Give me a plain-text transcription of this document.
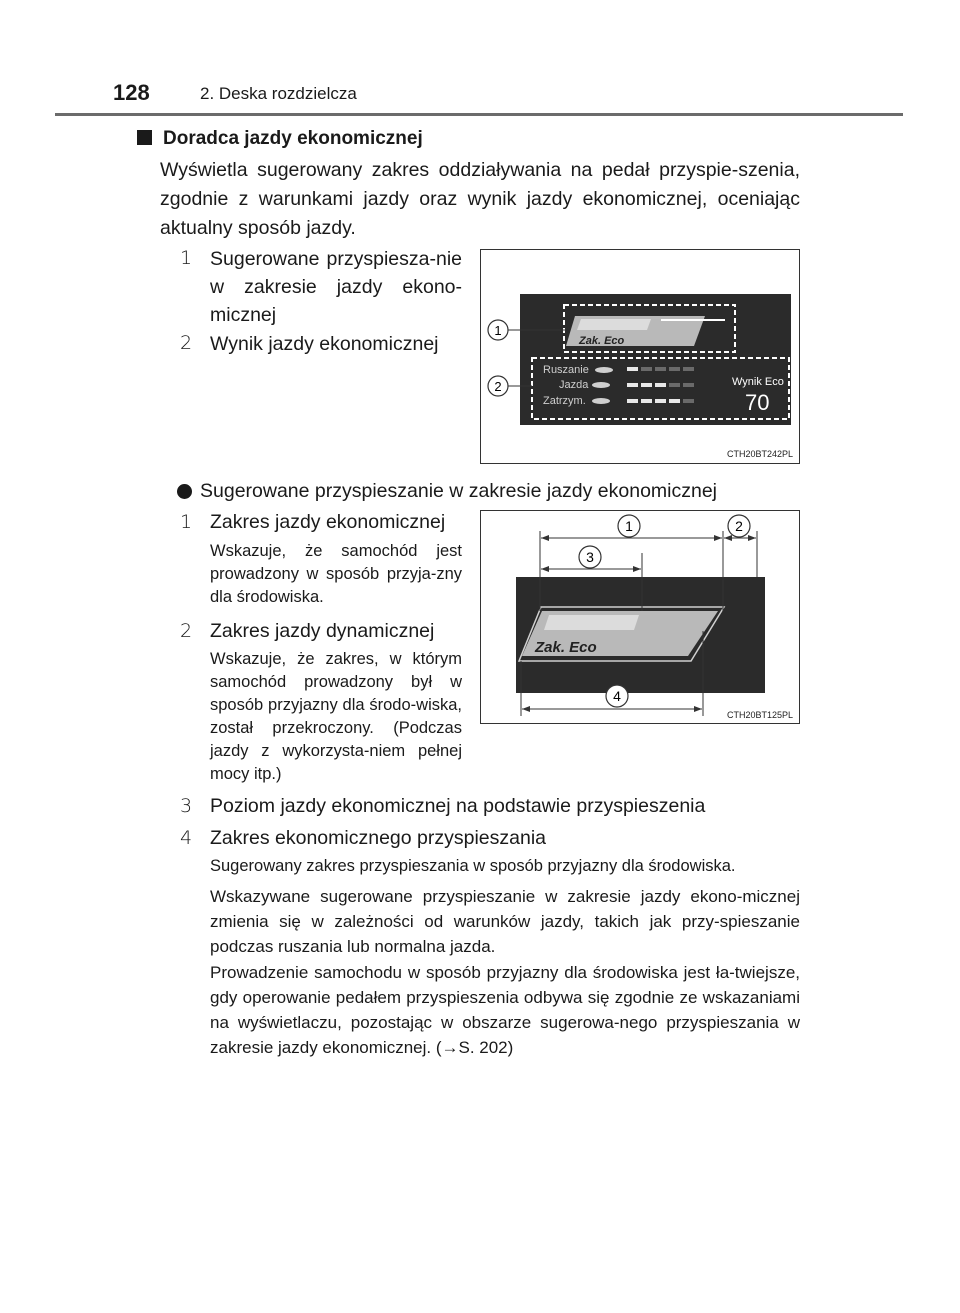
128	2. Deska rozdzielcza
Doradca jazdy ekonomicznej
Wyświetla sugerowany zakres oddziaływania na pedał przyspie-szenia, zgodnie z warunkami jazdy oraz wynik jazdy ekonomicznej, oceniając aktualny sposób jazdy.
1 Sugerowane przyspiesza-nie w zakresie jazdy ekono-micznej
2 Wynik jazdy ekonomicznej	Zak. Eco
Ruszanie
Jazda
Zatrzym.
Wynik Eco
70
1
2
CTH20BT242PL
Sugerowane przyspieszanie w zakresie jazdy ekonomicznej
1 Zakres jazdy ekonomicznej
Wskazuje, że samochód jest prowadzony w sposób przyja-zny dla środowiska.
2 Zakres jazdy dynamicznej
Wskazuje, że zakres, w którym samochód prowadzony był w sposób przyjazny dla środo-wiska, został przekroczony. (Podczas jazdy z wykorzysta-niem pełnej mocy itp.)
Zak. Eco
1	2
3
4
CTH20BT125PL
3 Poziom jazdy ekonomicznej na podstawie przyspieszenia
4 Zakres ekonomicznego przyspieszania
Sugerowany zakres przyspieszania w sposób przyjazny dla środowiska.
Wskazywane sugerowane przyspieszanie w zakresie jazdy ekono-micznej zmienia się w zależności od warunków jazdy, takich jak przy-spieszanie podczas ruszania lub normalna jazda.
Prowadzenie samochodu w sposób przyjazny dla środowiska jest ła-twiejsze, gdy operowanie pedałem przyspieszenia odbywa się zgodnie ze wskazaniami na wyświetlaczu, pozostając w obszarze sugerowa-nego przyspieszania w zakresie jazdy ekonomicznej. (→S. 202)
